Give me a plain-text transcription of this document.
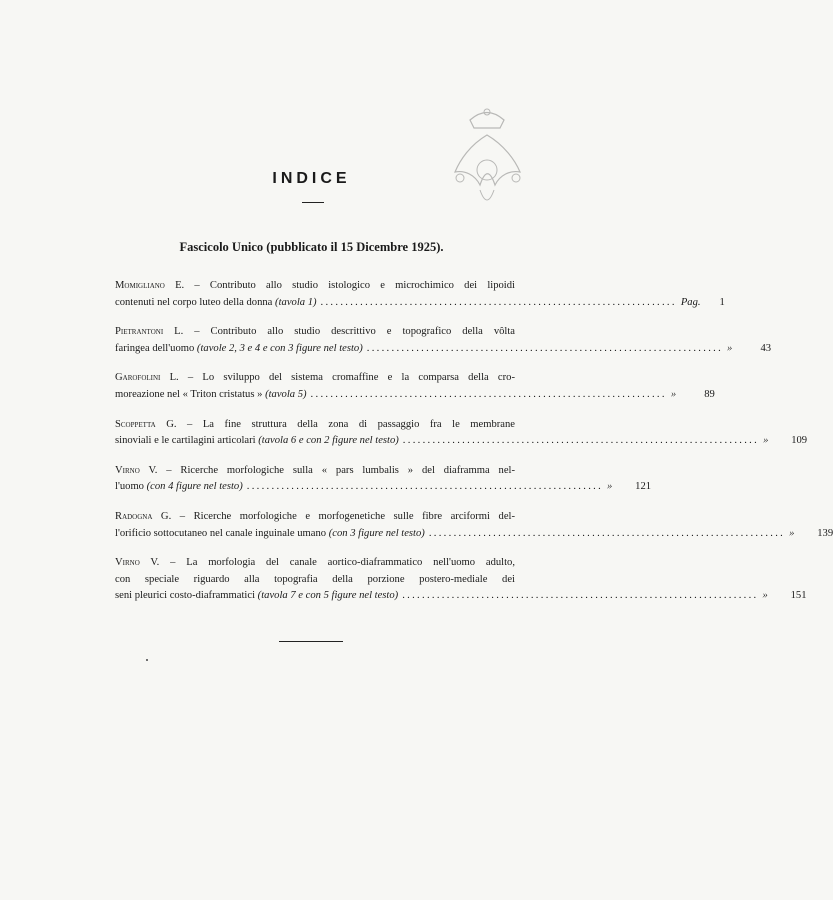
INDICE
Fascicolo Unico (pubblicato il 15 Dicembre 1925).
Momigliano E. – Contributo allo studio istologico e microchimico dei lipoidi
contenuti nel corpo luteo della donna (tavola 1) ........................................................................ Pag. 1
Pietrantoni L. – Contributo allo studio descrittivo e topografico della vôlta
faringea dell'uomo (tavole 2, 3 e 4 e con 3 figure nel testo) ........................................................................ »	43
Garofolini L. – Lo sviluppo del sistema cromaffine e la comparsa della cro-
moreazione nel « Triton cristatus » (tavola 5) ........................................................................ »	89
Scoppetta G. – La fine struttura della zona di passaggio fra le membrane
sinoviali e le cartilagini articolari (tavola 6 e con 2 figure nel testo) ........................................................................ » 109
Virno V. – Ricerche morfologiche sulla « pars lumbalis » del diaframma nel-
l'uomo (con 4 figure nel testo) ........................................................................ » 121
Radogna G. – Ricerche morfologiche e morfogenetiche sulle fibre arciformi del-
l'orificio sottocutaneo nel canale inguinale umano (con 3 figure nel testo) ........................................................................ » 139
Virno V. – La morfologia del canale aortico-diaframmatico nell'uomo adulto,
con speciale riguardo alla topografia della porzione postero-mediale dei
seni pleurici costo-diaframmatici (tavola 7 e con 5 figure nel testo) ........................................................................ » 151
